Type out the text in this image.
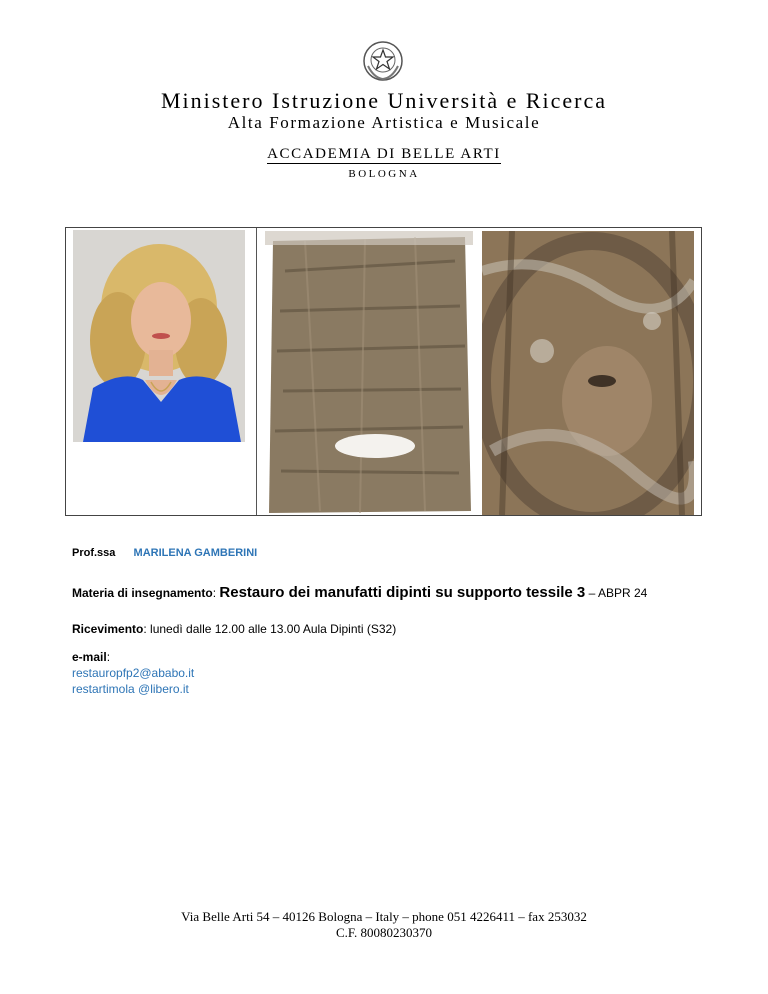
Ministero Istruzione Università e Ricerca
Alta Formazione Artistica e Musicale
ACCADEMIA DI BELLE ARTI
BOLOGNA
Prof.ssa MARILENA GAMBERINI
Materia di insegnamento: Restauro dei manufatti dipinti su supporto tessile 3 – ABPR 24
Ricevimento: lunedì dalle 12.00 alle 13.00 Aula Dipinti (S32)
e-mail:
restauropfp2@ababo.it
restartimola @libero.it
Via Belle Arti 54 – 40126 Bologna – Italy – phone 051 4226411 – fax 253032
C.F. 80080230370
